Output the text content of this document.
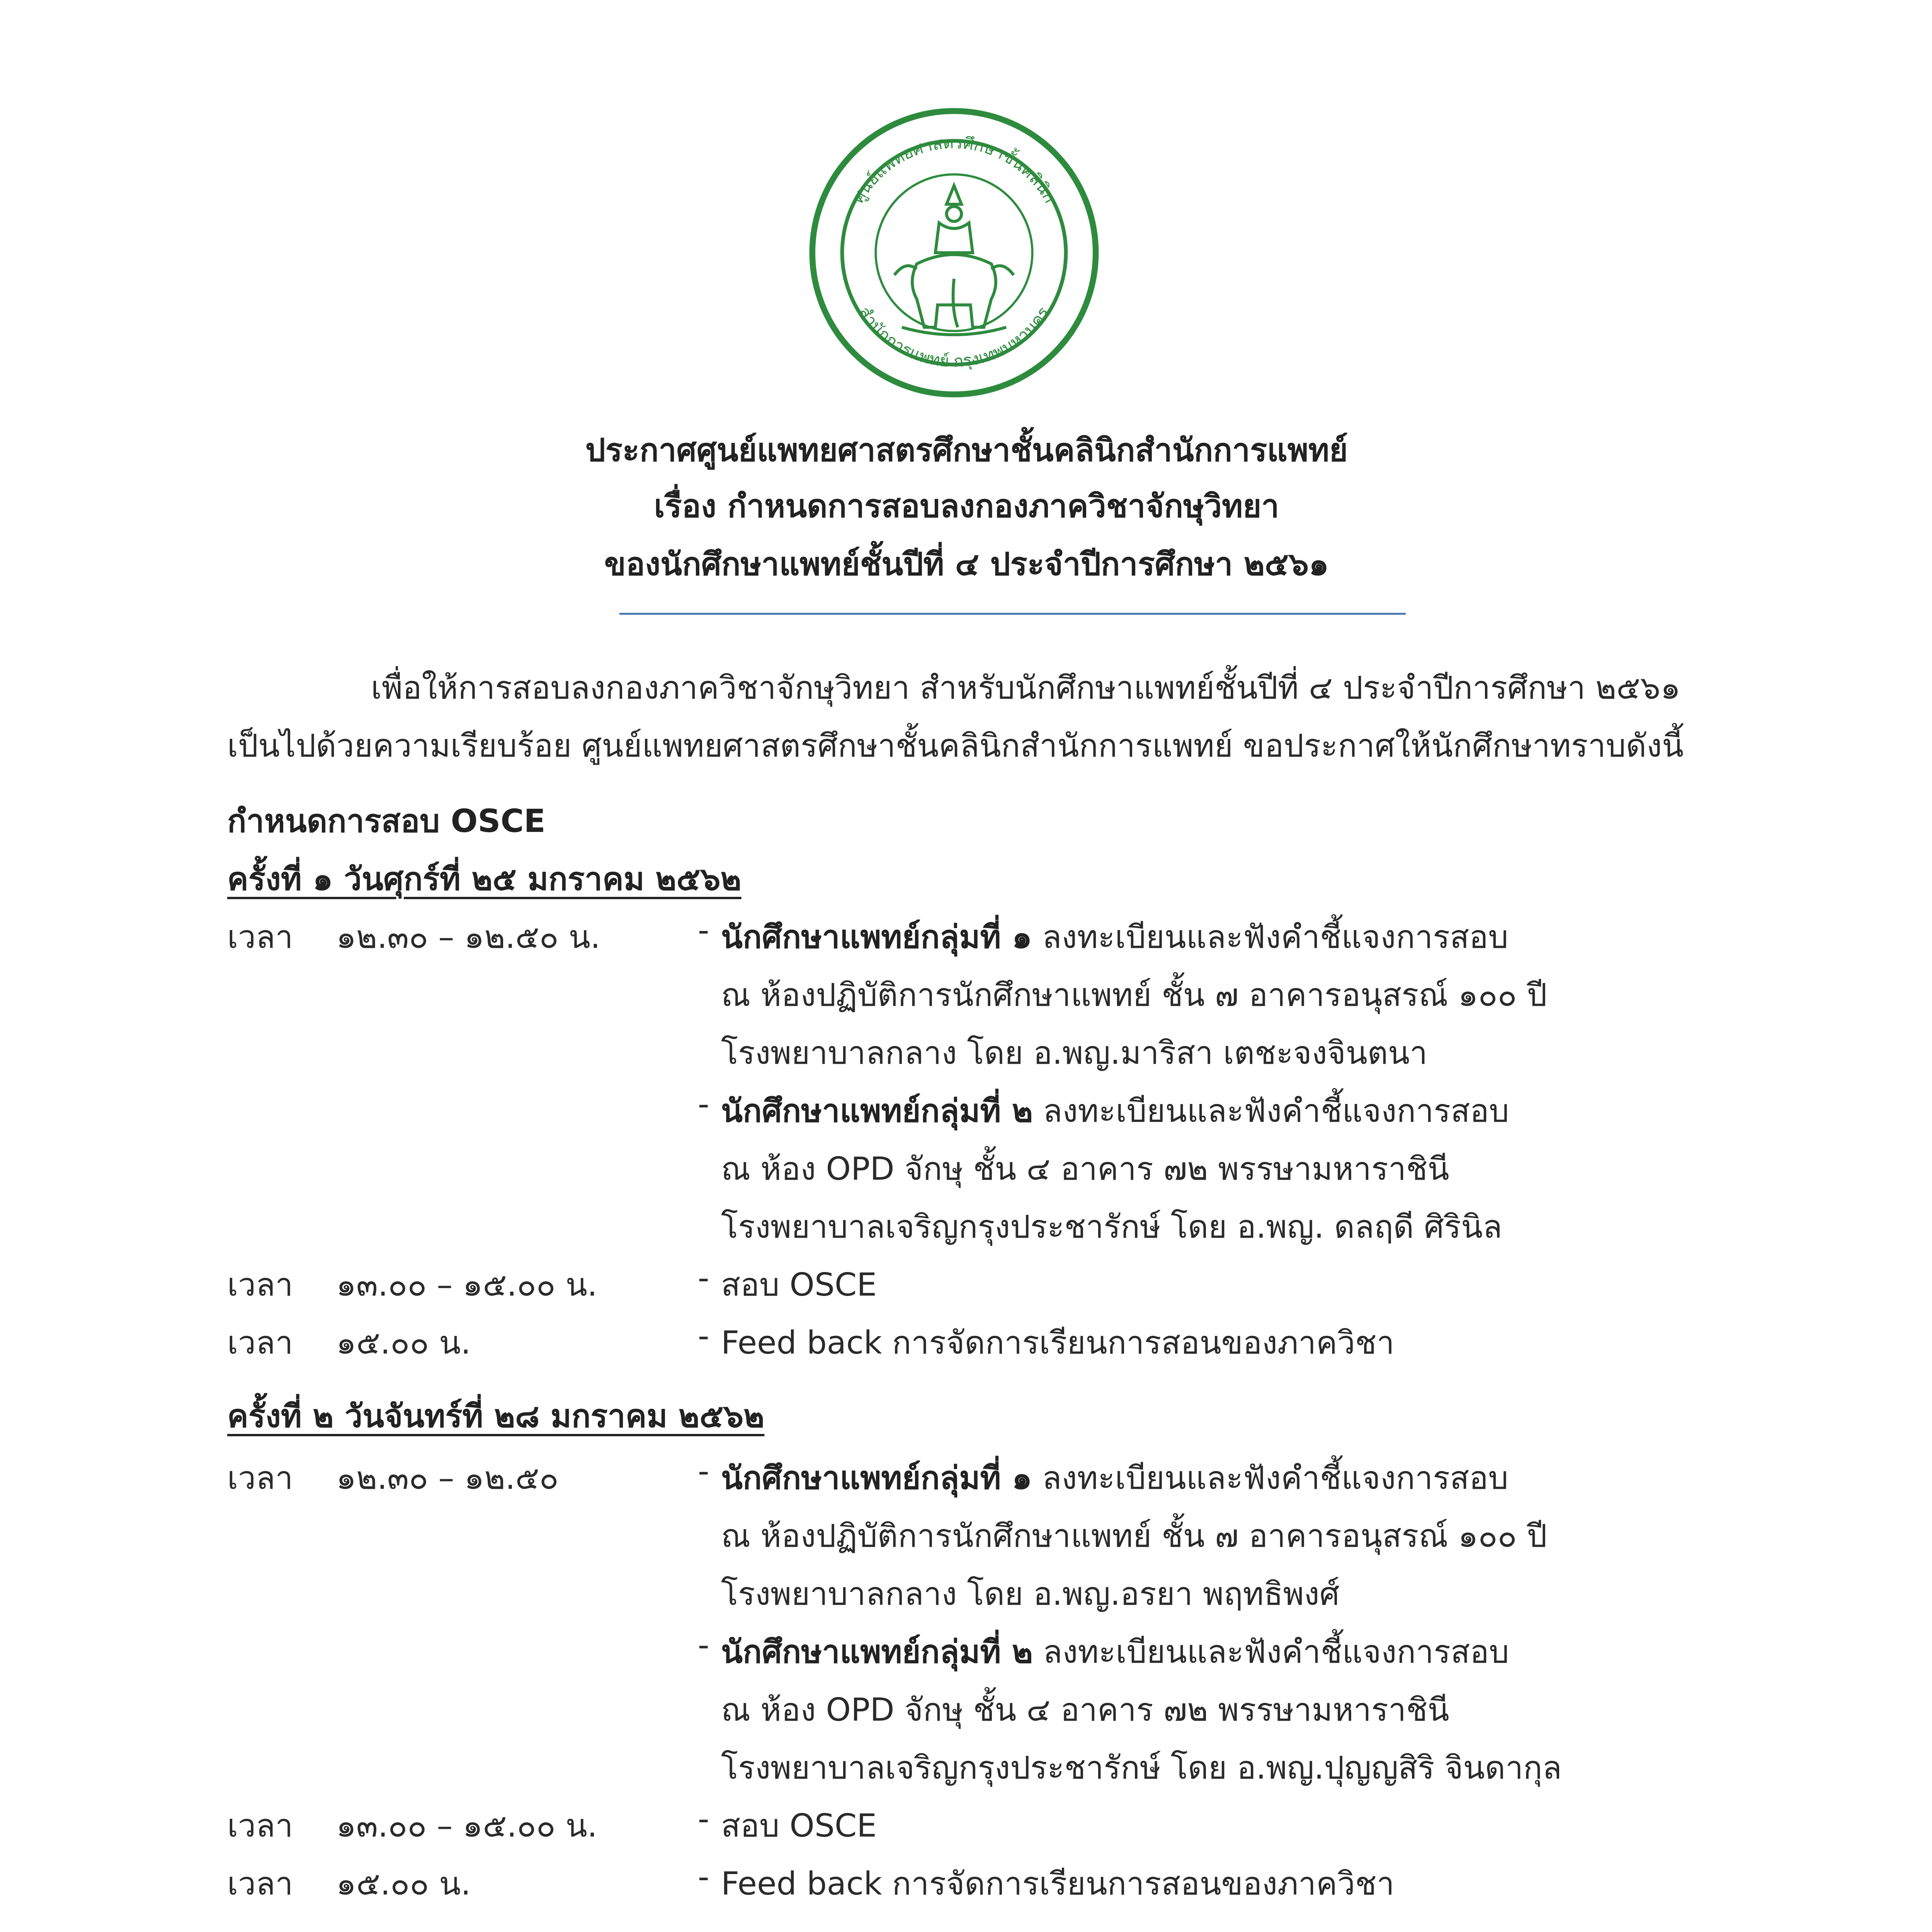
ศูนย์แพทยศาสตรศึกษาชั้นคลินิก
สำนักการแพทย์ กรุงเทพมหานคร
ประกาศศูนย์แพทยศาสตรศึกษาชั้นคลินิกสำนักการแพทย์
เรื่อง กำหนดการสอบลงกองภาควิชาจักษุวิทยา
ของนักศึกษาแพทย์ชั้นปีที่ ๔ ประจำปีการศึกษา ๒๕๖๑
เพื่อให้การสอบลงกองภาควิชาจักษุวิทยา สำหรับนักศึกษาแพทย์ชั้นปีที่ ๔ ประจำปีการศึกษา ๒๕๖๑
เป็นไปด้วยความเรียบร้อย ศูนย์แพทยศาสตรศึกษาชั้นคลินิกสำนักการแพทย์ ขอประกาศให้นักศึกษาทราบดังนี้
กำหนดการสอบ OSCE
ครั้งที่ ๑ วันศุกร์ที่ ๒๕ มกราคม ๒๕๖๒
เวลา ๑๒.๓๐ – ๑๒.๕๐ น.	- นักศึกษาแพทย์กลุ่มที่ ๑ ลงทะเบียนและฟังคำชี้แจงการสอบ
ณ ห้องปฏิบัติการนักศึกษาแพทย์ ชั้น ๗ อาคารอนุสรณ์ ๑๐๐ ปี
โรงพยาบาลกลาง โดย อ.พญ.มาริสา เตชะจงจินตนา
- นักศึกษาแพทย์กลุ่มที่ ๒ ลงทะเบียนและฟังคำชี้แจงการสอบ
ณ ห้อง OPD จักษุ ชั้น ๔ อาคาร ๗๒ พรรษามหาราชินี
โรงพยาบาลเจริญกรุงประชารักษ์ โดย อ.พญ. ดลฤดี ศิรินิล
เวลา ๑๓.๐๐ – ๑๕.๐๐ น.	- สอบ OSCE
เวลา ๑๕.๐๐ น.	- Feed back การจัดการเรียนการสอนของภาควิชา
ครั้งที่ ๒ วันจันทร์ที่ ๒๘ มกราคม ๒๕๖๒
เวลา ๑๒.๓๐ – ๑๒.๕๐	- นักศึกษาแพทย์กลุ่มที่ ๑ ลงทะเบียนและฟังคำชี้แจงการสอบ
ณ ห้องปฏิบัติการนักศึกษาแพทย์ ชั้น ๗ อาคารอนุสรณ์ ๑๐๐ ปี
โรงพยาบาลกลาง โดย อ.พญ.อรยา พฤทธิพงศ์
- นักศึกษาแพทย์กลุ่มที่ ๒ ลงทะเบียนและฟังคำชี้แจงการสอบ
ณ ห้อง OPD จักษุ ชั้น ๔ อาคาร ๗๒ พรรษามหาราชินี
โรงพยาบาลเจริญกรุงประชารักษ์ โดย อ.พญ.ปุญญสิริ จินดากุล
เวลา ๑๓.๐๐ – ๑๕.๐๐ น.	- สอบ OSCE
เวลา ๑๕.๐๐ น.	- Feed back การจัดการเรียนการสอนของภาควิชา
